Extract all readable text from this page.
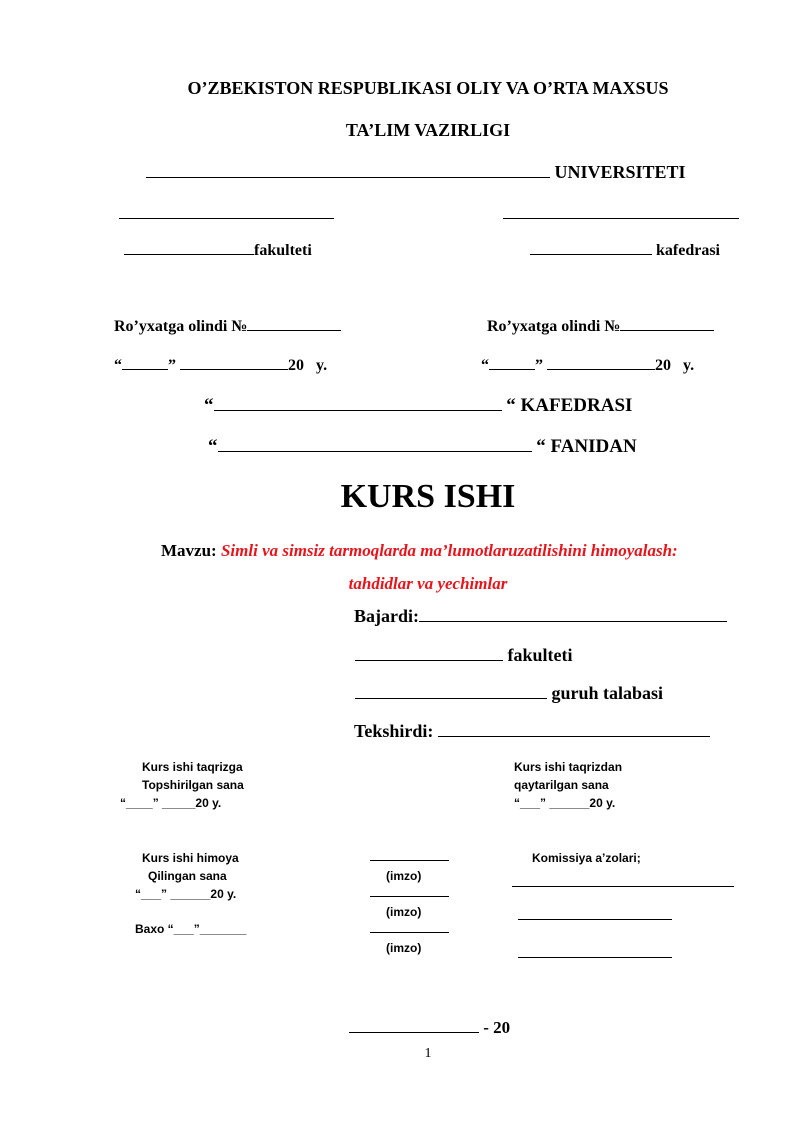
O’ZBEKISTON RESPUBLIKASI OLIY VA O’RTA MAXSUS
TA’LIM VAZIRLIGI
UNIVERSITETI
fakulteti	kafedrasi
Ro’yxatga olindi №
“	”	20 y.
Ro’yxatga olindi №
“	”	20 y.
“	“ KAFEDRASI
“	“ FANIDAN
KURS ISHI
Mavzu: Simli va simsiz tarmoqlarda ma’lumotlaruzatilishini himoyalash:
tahdidlar va yechimlar
Bajardi:
fakulteti
guruh talabasi
Tekshirdi:
Kurs ishi taqrizga
Topshirilgan sana
“____” _____20 y.
Kurs ishi taqrizdan
qaytarilgan sana
“___” ______20 y.
Kurs ishi himoya
Qilingan sana
“___” ______20 y.
Baxo “___”_______
(imzo)
(imzo)
(imzo)
Komissiya a’zolari;
- 20
1
